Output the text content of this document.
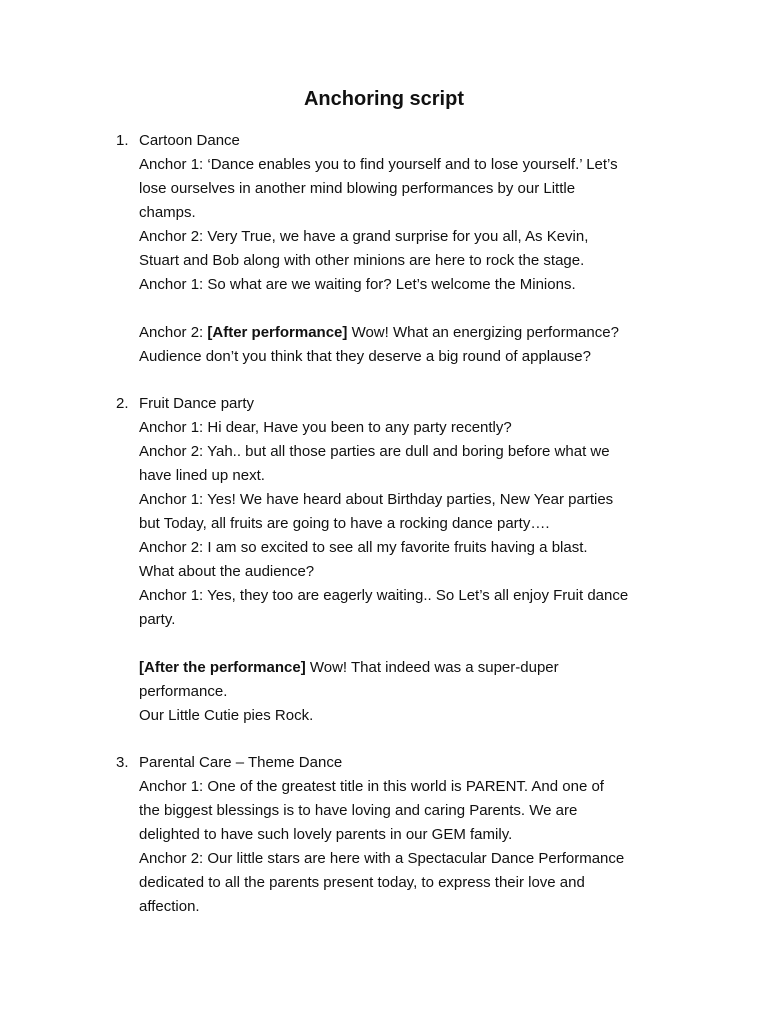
Anchoring script
1. Cartoon Dance
Anchor 1: ‘Dance enables you to find yourself and to lose yourself.’ Let’s
lose ourselves in another mind blowing performances by our Little
champs.
Anchor 2: Very True, we have a grand surprise for you all, As Kevin,
Stuart and Bob along with other minions are here to rock the stage.
Anchor 1: So what are we waiting for? Let’s welcome the Minions.
Anchor 2: [After performance] Wow! What an energizing performance?
Audience don’t you think that they deserve a big round of applause?
2. Fruit Dance party
Anchor 1: Hi dear, Have you been to any party recently?
Anchor 2: Yah.. but all those parties are dull and boring before what we
have lined up next.
Anchor 1: Yes! We have heard about Birthday parties, New Year parties
but Today, all fruits are going to have a rocking dance party….
Anchor 2: I am so excited to see all my favorite fruits having a blast.
What about the audience?
Anchor 1: Yes, they too are eagerly waiting.. So Let’s all enjoy Fruit dance
party.
[After the performance] Wow! That indeed was a super-duper
performance.
Our Little Cutie pies Rock.
3. Parental Care – Theme Dance
Anchor 1: One of the greatest title in this world is PARENT. And one of
the biggest blessings is to have loving and caring Parents. We are
delighted to have such lovely parents in our GEM family.
Anchor 2: Our little stars are here with a Spectacular Dance Performance
dedicated to all the parents present today, to express their love and
affection.
